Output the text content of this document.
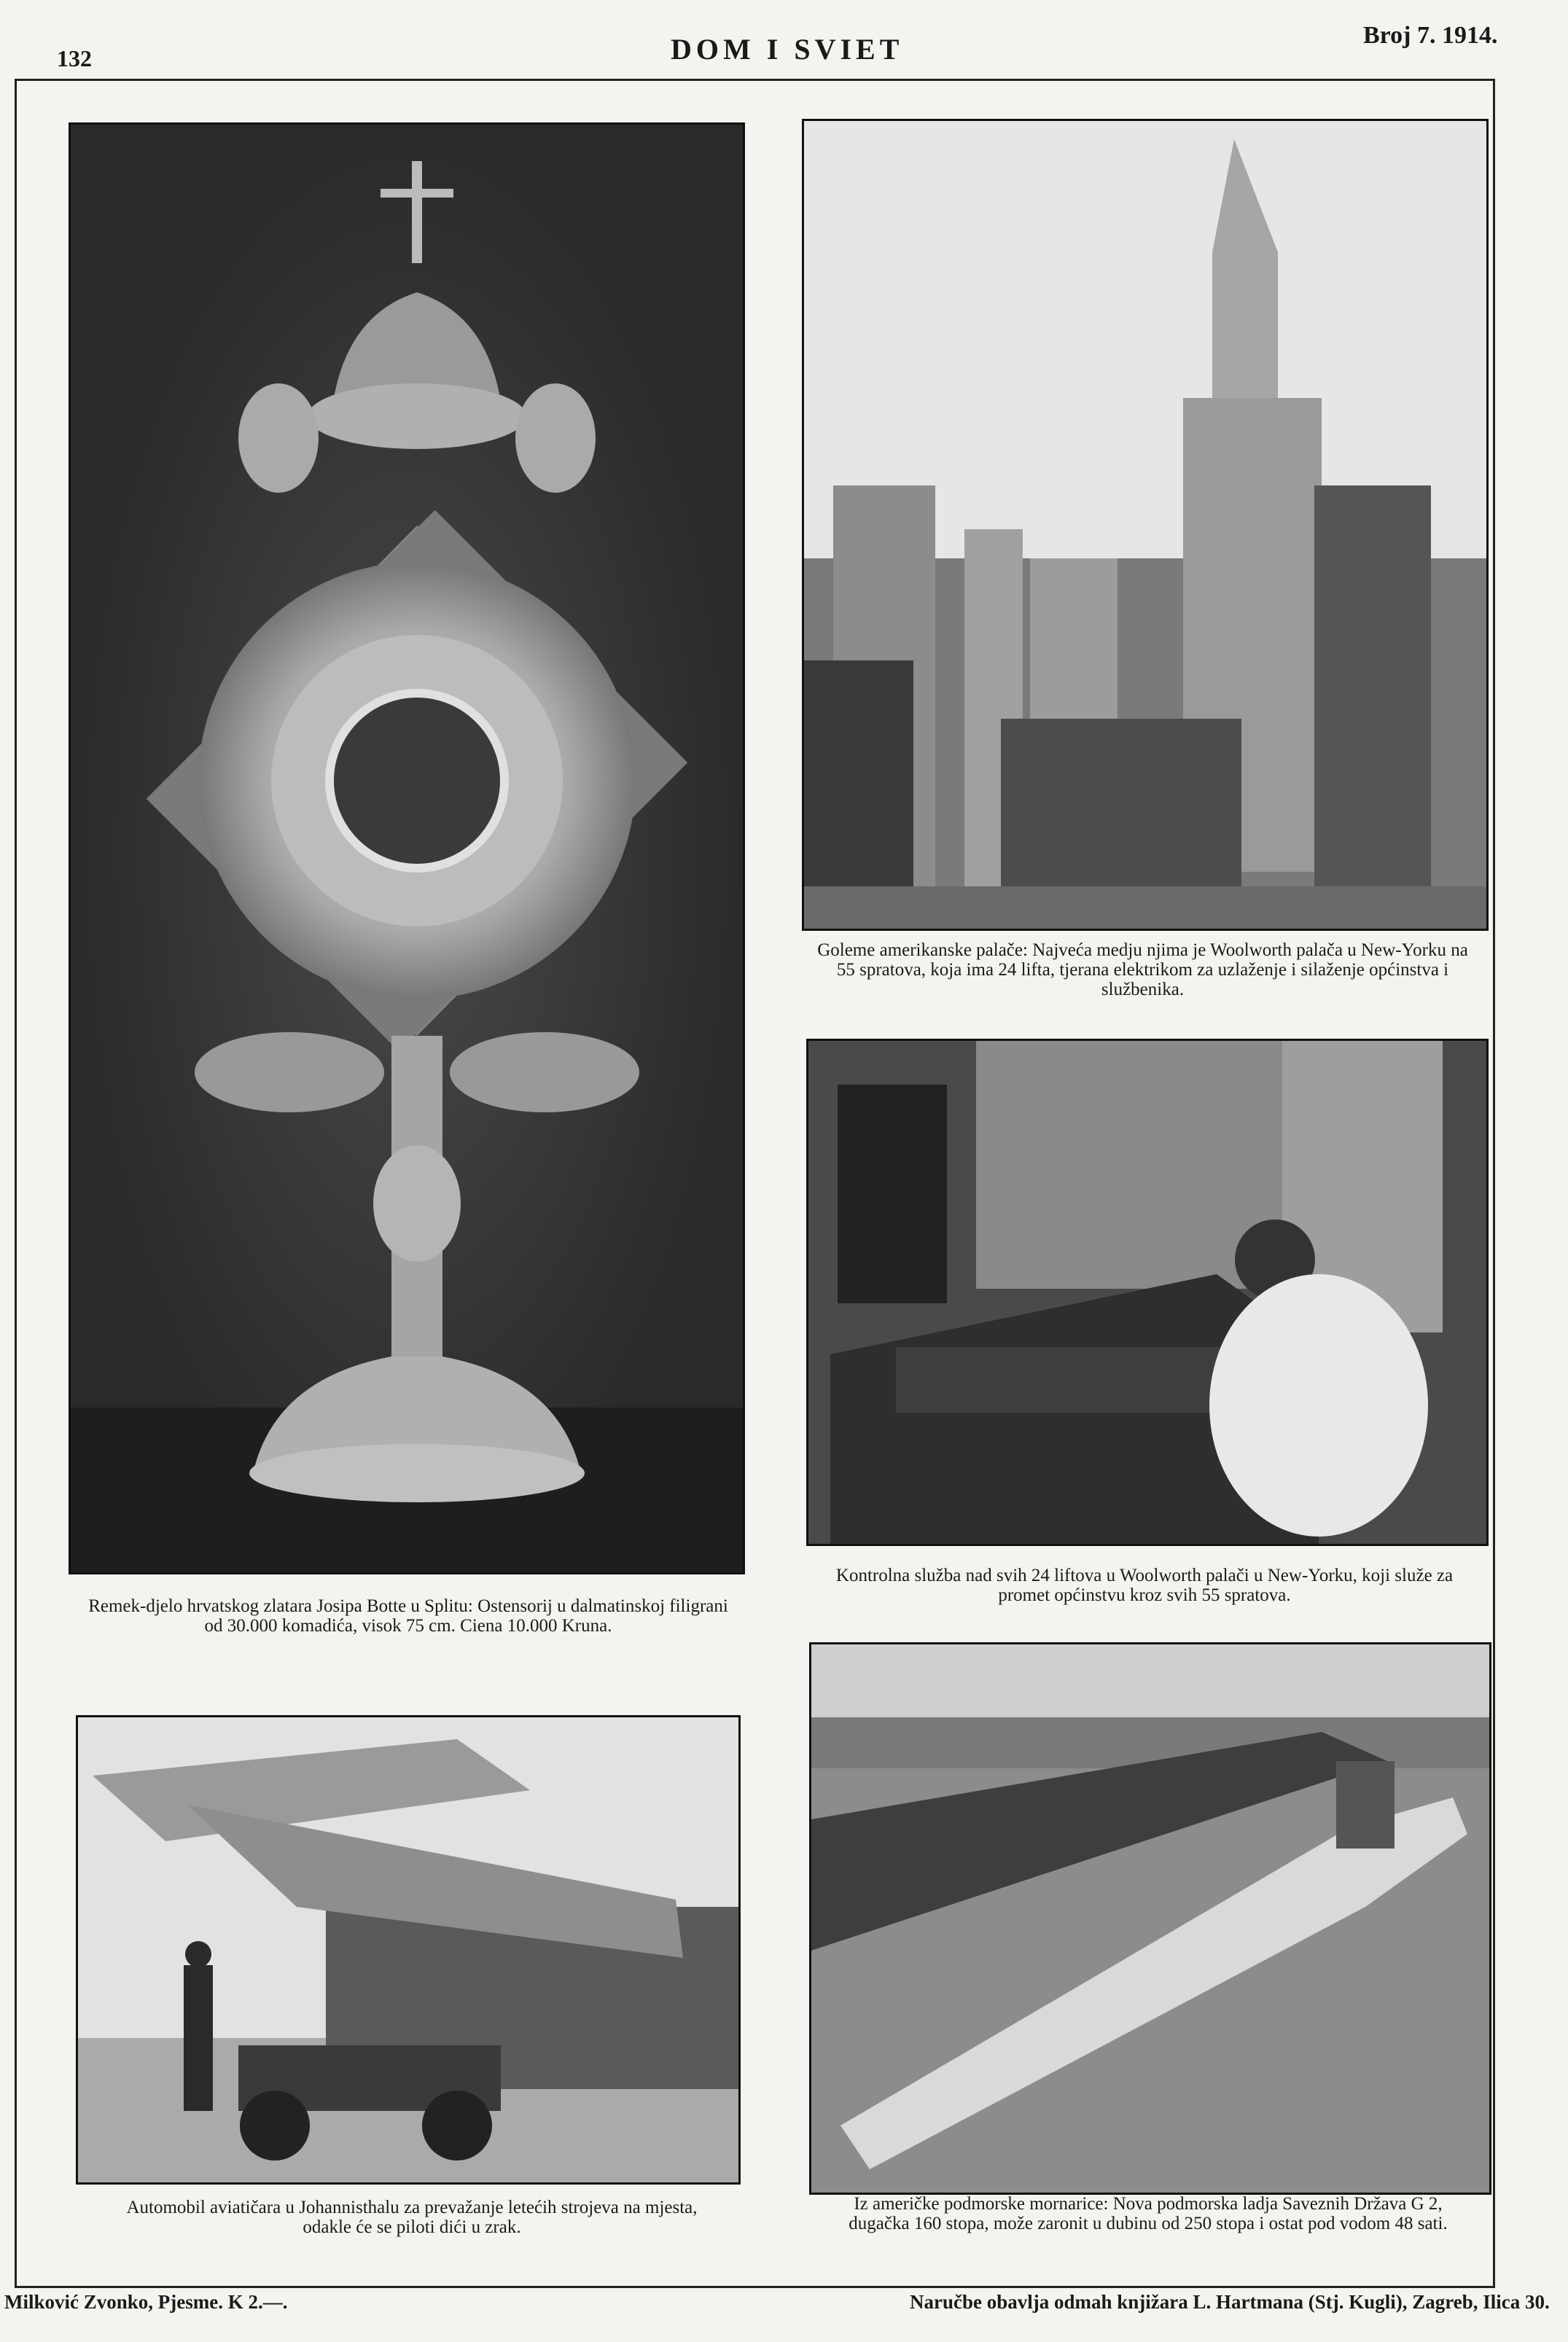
132	DOM I SVIET	Broj 7. 1914.
Remek-djelo hrvatskog zlatara Josipa Botte u Splitu: Ostensorij u dalmatinskoj filigrani od 30.000 komadića, visok 75 cm. Ciena 10.000 Kruna.
Goleme amerikanske palače: Najveća medju njima je Woolworth palača u New-Yorku na 55 spratova, koja ima 24 lifta, tjerana elektrikom za uzlaženje i silaženje općinstva i službenika.
Kontrolna služba nad svih 24 liftova u Woolworth palači u New-Yorku, koji služe za promet općinstvu kroz svih 55 spratova.
Automobil aviatičara u Johannisthalu za prevažanje letećih strojeva na mjesta, odakle će se piloti dići u zrak.
Iz američke podmorske mornarice: Nova podmorska ladja Saveznih Država G 2, dugačka 160 stopa, može zaronit u dubinu od 250 stopa i ostat pod vodom 48 sati.
Milković Zvonko, Pjesme. K 2.—.	Naručbe obavlja odmah knjižara L. Hartmana (Stj. Kugli), Zagreb, Ilica 30.
